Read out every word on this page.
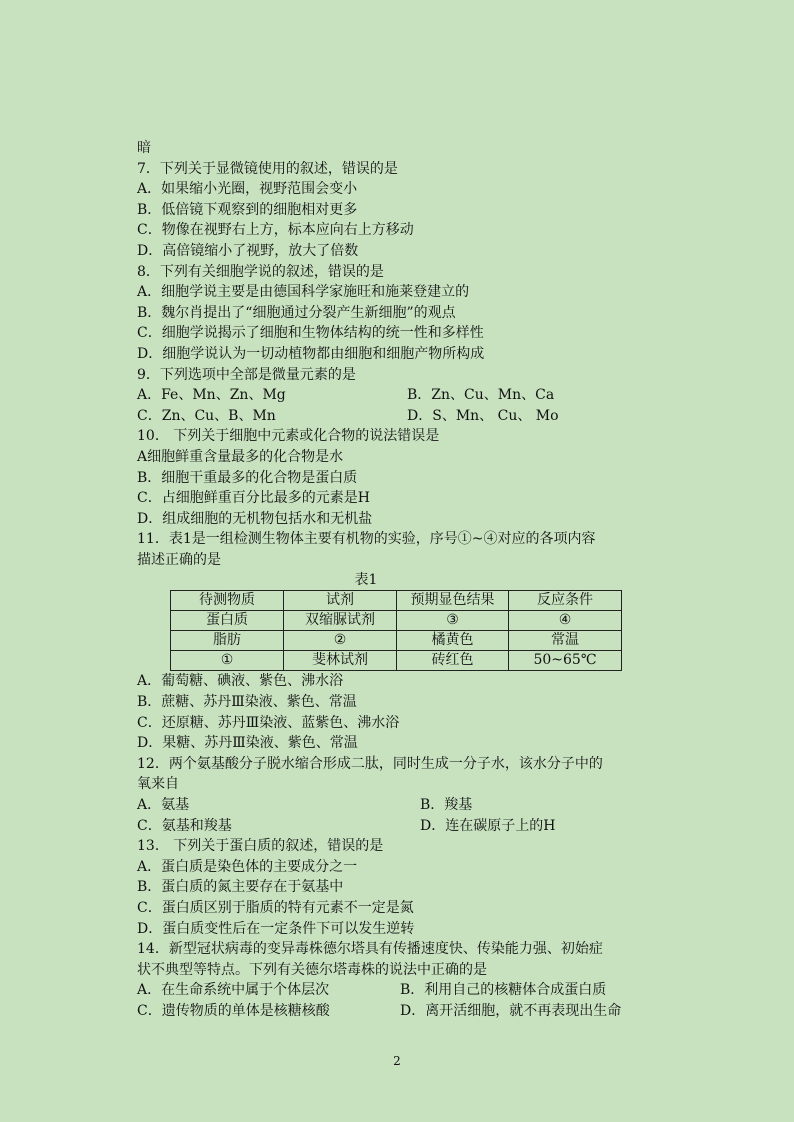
暗
7．下列关于显微镜使用的叙述，错误的是
A．如果缩小光圈，视野范围会变小
B．低倍镜下观察到的细胞相对更多
C．物像在视野右上方，标本应向右上方移动
D．高倍镜缩小了视野，放大了倍数
8．下列有关细胞学说的叙述，错误的是
A．细胞学说主要是由德国科学家施旺和施莱登建立的
B．魏尔肖提出了“细胞通过分裂产生新细胞”的观点
C．细胞学说揭示了细胞和生物体结构的统一性和多样性
D．细胞学说认为一切动植物都由细胞和细胞产物所构成
9．下列选项中全部是微量元素的是
A．Fe、Mn、Zn、Mg	B．Zn、Cu、Mn、Ca
C．Zn、Cu、B、Mn	D．S、Mn、 Cu、 Mo
10． 下列关于细胞中元素或化合物的说法错误是
A细胞鲜重含量最多的化合物是水
B．细胞干重最多的化合物是蛋白质
C．占细胞鲜重百分比最多的元素是H
D．组成细胞的无机物包括水和无机盐
11．表1是一组检测生物体主要有机物的实验，序号①~④对应的各项内容
描述正确的是
表1
待测物质	试剂	预期显色结果	反应条件
蛋白质	双缩脲试剂	③	④
脂肪	②	橘黄色	常温
①	斐林试剂	砖红色	50~65℃
A．葡萄糖、碘液、紫色、沸水浴
B．蔗糖、苏丹Ⅲ染液、紫色、常温
C．还原糖、苏丹Ⅲ染液、蓝紫色、沸水浴
D．果糖、苏丹Ⅲ染液、紫色、常温
12．两个氨基酸分子脱水缩合形成二肽，同时生成一分子水，该水分子中的
氧来自
A．氨基	B．羧基
C．氨基和羧基	D．连在碳原子上的H
13． 下列关于蛋白质的叙述，错误的是
A．蛋白质是染色体的主要成分之一
B．蛋白质的氮主要存在于氨基中
C．蛋白质区别于脂质的特有元素不一定是氮
D．蛋白质变性后在一定条件下可以发生逆转
14．新型冠状病毒的变异毒株德尔塔具有传播速度快、传染能力强、初始症
状不典型等特点。下列有关德尔塔毒株的说法中正确的是
A．在生命系统中属于个体层次	B．利用自己的核糖体合成蛋白质
C．遗传物质的单体是核糖核酸	D．离开活细胞，就不再表现出生命
2
